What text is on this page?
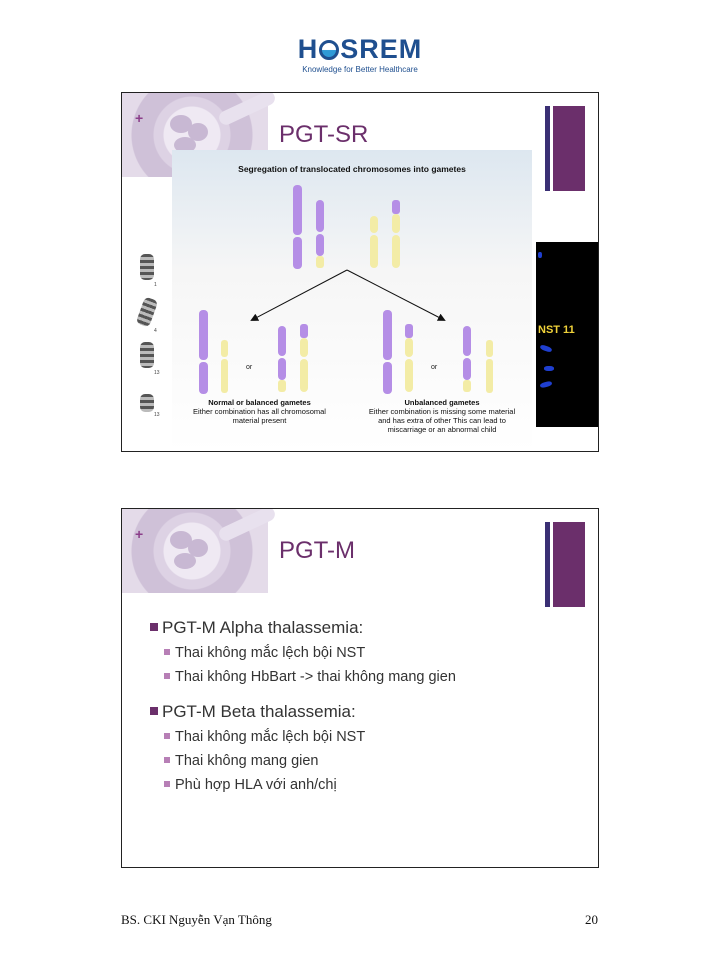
H SREM
Knowledge for Better Healthcare
+
PGT-SR
1
4
13
13
NST 11
Segregation of translocated chromosomes into gametes
or	or
Normal or balanced gametes
Either combination has all chromosomal material present
Unbalanced gametes
Either combination is missing some material and has extra of other This can lead to miscarriage or an abnormal child
+
PGT-M
PGT-M Alpha thalassemia:
Thai không mắc lệch bội NST
Thai không HbBart -> thai không mang gien
PGT-M Beta thalassemia:
Thai không mắc lệch bội NST
Thai không mang gien
Phù hợp HLA với anh/chị
BS. CKI Nguyễn Vạn Thông	20
